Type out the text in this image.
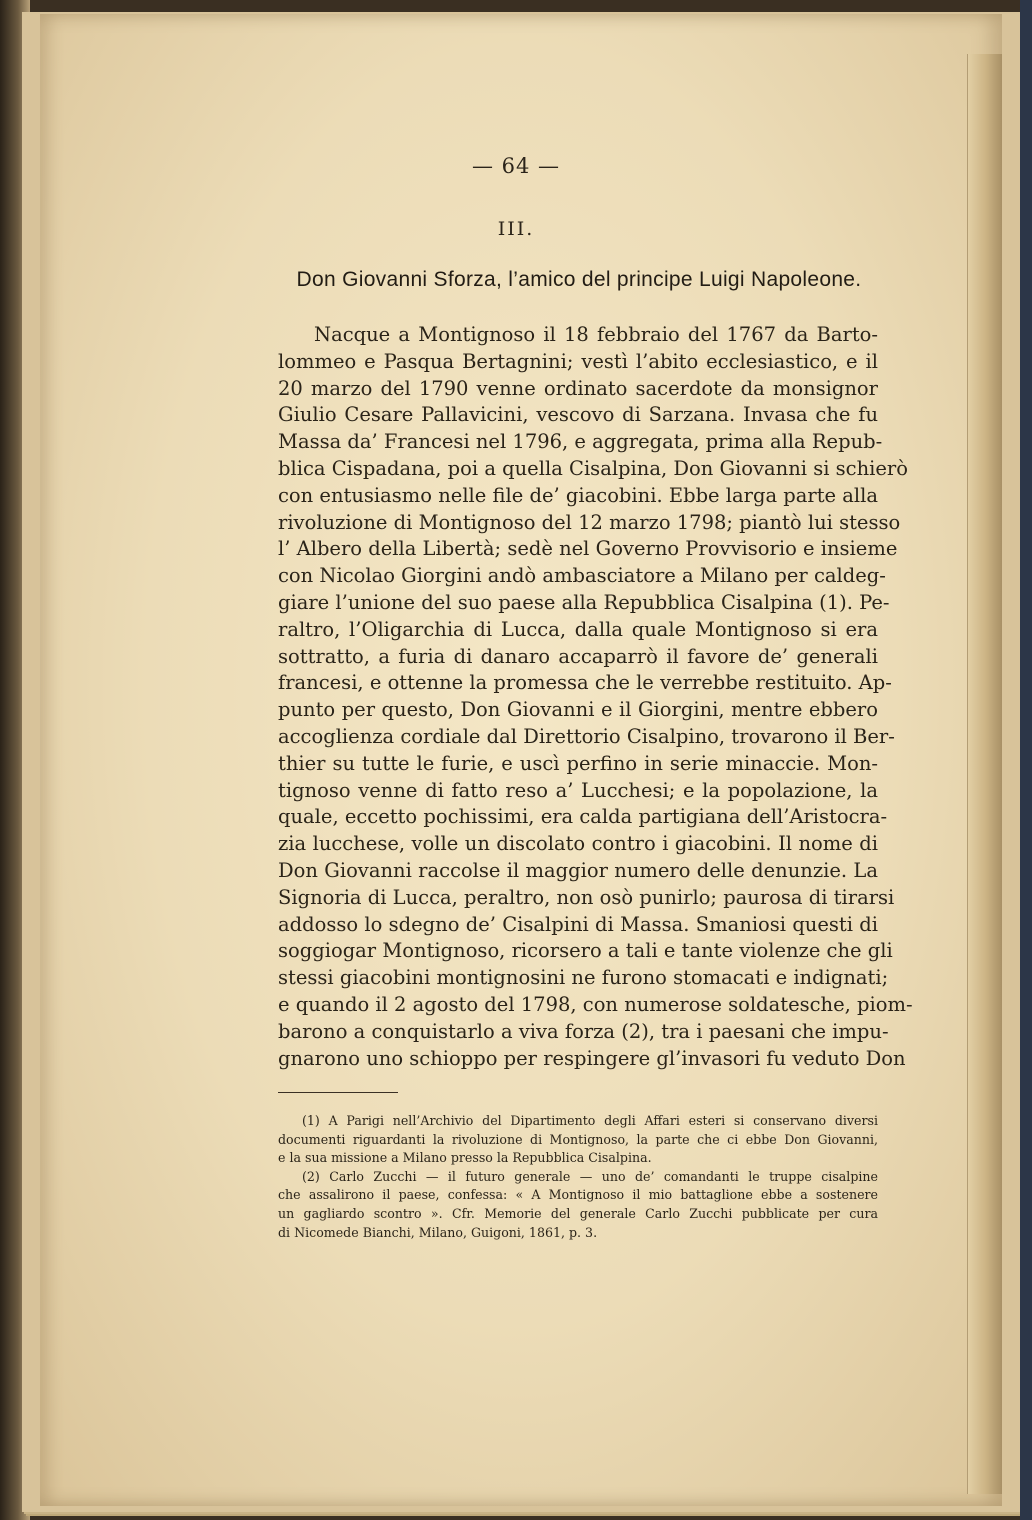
— 64 —
III.
Don Giovanni Sforza, l’amico del principe Luigi Napoleone.
Nacque a Montignoso il 18 febbraio del 1767 da Barto-
lommeo e Pasqua Bertagnini; vestì l’abito ecclesiastico, e il
20 marzo del 1790 venne ordinato sacerdote da monsignor
Giulio Cesare Pallavicini, vescovo di Sarzana. Invasa che fu
Massa da’ Francesi nel 1796, e aggregata, prima alla Repub-
blica Cispadana, poi a quella Cisalpina, Don Giovanni si schierò
con entusiasmo nelle file de’ giacobini. Ebbe larga parte alla
rivoluzione di Montignoso del 12 marzo 1798; piantò lui stesso
l’ Albero della Libertà; sedè nel Governo Provvisorio e insieme
con Nicolao Giorgini andò ambasciatore a Milano per caldeg-
giare l’unione del suo paese alla Repubblica Cisalpina (1). Pe-
raltro, l’Oligarchia di Lucca, dalla quale Montignoso si era
sottratto, a furia di danaro accaparrò il favore de’ generali
francesi, e ottenne la promessa che le verrebbe restituito. Ap-
punto per questo, Don Giovanni e il Giorgini, mentre ebbero
accoglienza cordiale dal Direttorio Cisalpino, trovarono il Ber-
thier su tutte le furie, e uscì perfino in serie minaccie. Mon-
tignoso venne di fatto reso a’ Lucchesi; e la popolazione, la
quale, eccetto pochissimi, era calda partigiana dell’Aristocra-
zia lucchese, volle un discolato contro i giacobini. Il nome di
Don Giovanni raccolse il maggior numero delle denunzie. La
Signoria di Lucca, peraltro, non osò punirlo; paurosa di tirarsi
addosso lo sdegno de’ Cisalpini di Massa. Smaniosi questi di
soggiogar Montignoso, ricorsero a tali e tante violenze che gli
stessi giacobini montignosini ne furono stomacati e indignati;
e quando il 2 agosto del 1798, con numerose soldatesche, piom-
barono a conquistarlo a viva forza (2), tra i paesani che impu-
gnarono uno schioppo per respingere gl’invasori fu veduto Don
(1) A Parigi nell’Archivio del Dipartimento degli Affari esteri si conservano diversi
documenti riguardanti la rivoluzione di Montignoso, la parte che ci ebbe Don Giovanni,
e la sua missione a Milano presso la Repubblica Cisalpina.
(2) Carlo Zucchi — il futuro generale — uno de’ comandanti le truppe cisalpine
che assalirono il paese, confessa: « A Montignoso il mio battaglione ebbe a sostenere
un gagliardo scontro ». Cfr. Memorie del generale Carlo Zucchi pubblicate per cura
di Nicomede Bianchi, Milano, Guigoni, 1861, p. 3.
